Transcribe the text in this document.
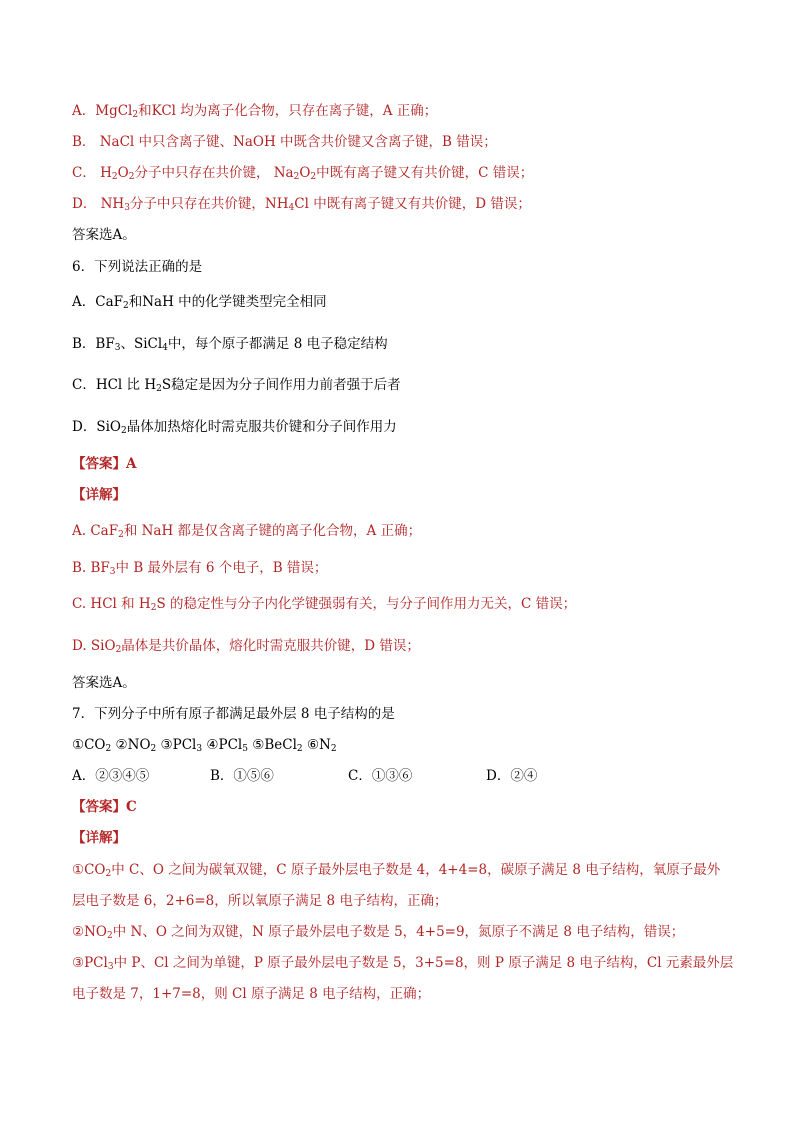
A．MgCl$_2$和KCl 均为离子化合物，只存在离子键，A 正确；
B． NaCl 中只含离子键、NaOH 中既含共价键又含离子键，B 错误；
C． $H_2O_2$分子中只存在共价键， $Na_2O_2$中既有离子键又有共价键，C 错误；
D． $NH_3$分子中只存在共价键，$NH_4Cl$ 中既有离子键又有共价键，D 错误；
答案选A。
6．下列说法正确的是
A．CaF$_2$和NaH 中的化学键类型完全相同
B．$BF_3$、SiCl$_4$中，每个原子都满足 8 电子稳定结构
C．HCl 比 $H_2S$稳定是因为分子间作用力前者强于后者
D．SiO$_2$晶体加热熔化时需克服共价键和分子间作用力
【答案】A
【详解】
A. CaF$_2$和 NaH 都是仅含离子键的离子化合物，A 正确；
B. $BF_3$中 B 最外层有 6 个电子，B 错误；
C. HCl 和 $H_2S$ 的稳定性与分子内化学键强弱有关，与分子间作用力无关，C 错误；
D. SiO$_2$晶体是共价晶体，熔化时需克服共价键，D 错误；
答案选A。
7．下列分子中所有原子都满足最外层 8 电子结构的是
$①CO_2$ $②NO_2$ ③PCl$_3$ ④PCl$_5$ ⑤BeCl$_2$ $⑥N_2$
A．②③④⑤	B．①⑤⑥	C．①③⑥	D．②④
【答案】C
【详解】
$①CO_2$中 C、O 之间为碳氧双键，C 原子最外层电子数是 4，4+4=8，碳原子满足 8 电子结构，氧原子最外
层电子数是 6，2+6=8，所以氧原子满足 8 电子结构，正确；
$②NO_2$中 N、O 之间为双键，N 原子最外层电子数是 5，4+5=9，氮原子不满足 8 电子结构，错误；
③PCl$_3$中 P、Cl 之间为单键，P 原子最外层电子数是 5，3+5=8，则 P 原子满足 8 电子结构，Cl 元素最外层
电子数是 7，1+7=8，则 Cl 原子满足 8 电子结构，正确；
